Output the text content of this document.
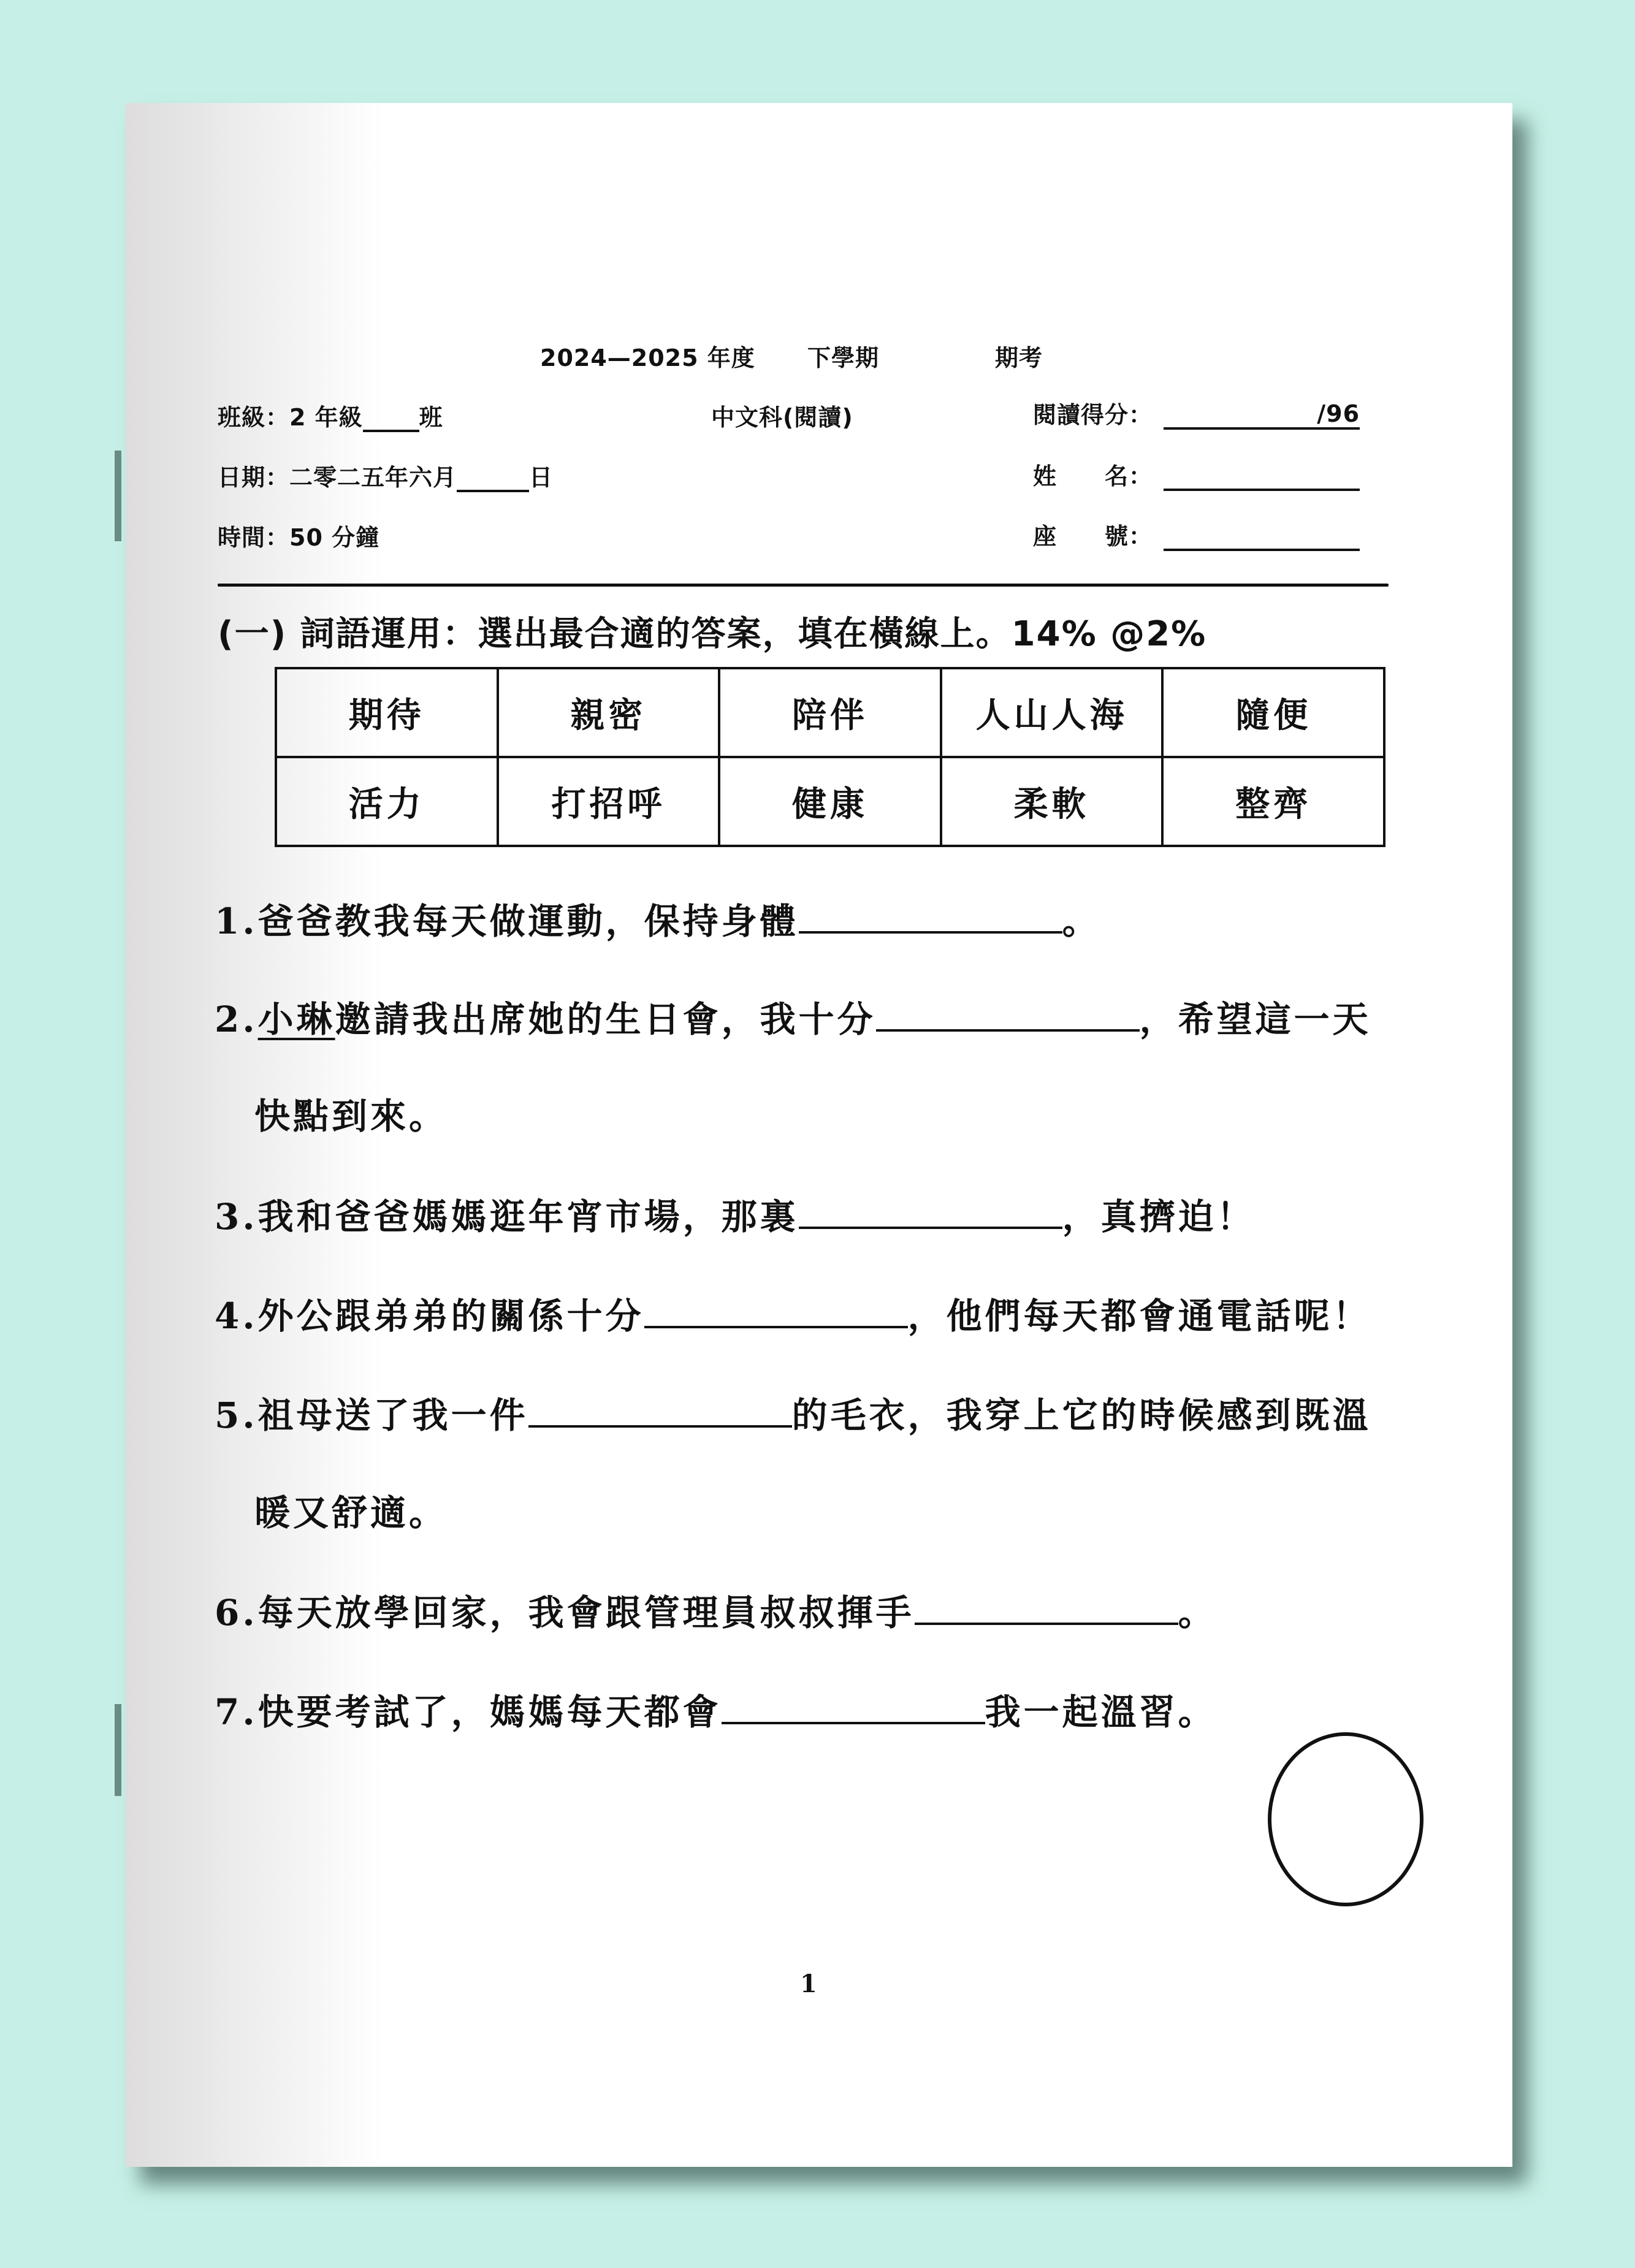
2024—2025 年度 下學期	期考
班級：2 年級 班	中文科(閱讀)	閱讀得分：	/96
日期：二零二五年六月	日	姓　　名：
時間：50 分鐘	座　　號：
(一) 詞語運用：選出最合適的答案，填在橫線上。14% @2%
期待	親密	陪伴	人山人海	隨便
活力	打招呼	健康	柔軟	整齊
1.爸爸教我每天做運動，保持身體	。
2.小琳邀請我出席她的生日會，我十分	，希望這一天
快點到來。
3.我和爸爸媽媽逛年宵市場，那裏	，真擠迫！
4.外公跟弟弟的關係十分	，他們每天都會通電話呢！
5.祖母送了我一件	的毛衣，我穿上它的時候感到既溫
暖又舒適。
6.每天放學回家，我會跟管理員叔叔揮手	。
7.快要考試了，媽媽每天都會	我一起溫習。
1
